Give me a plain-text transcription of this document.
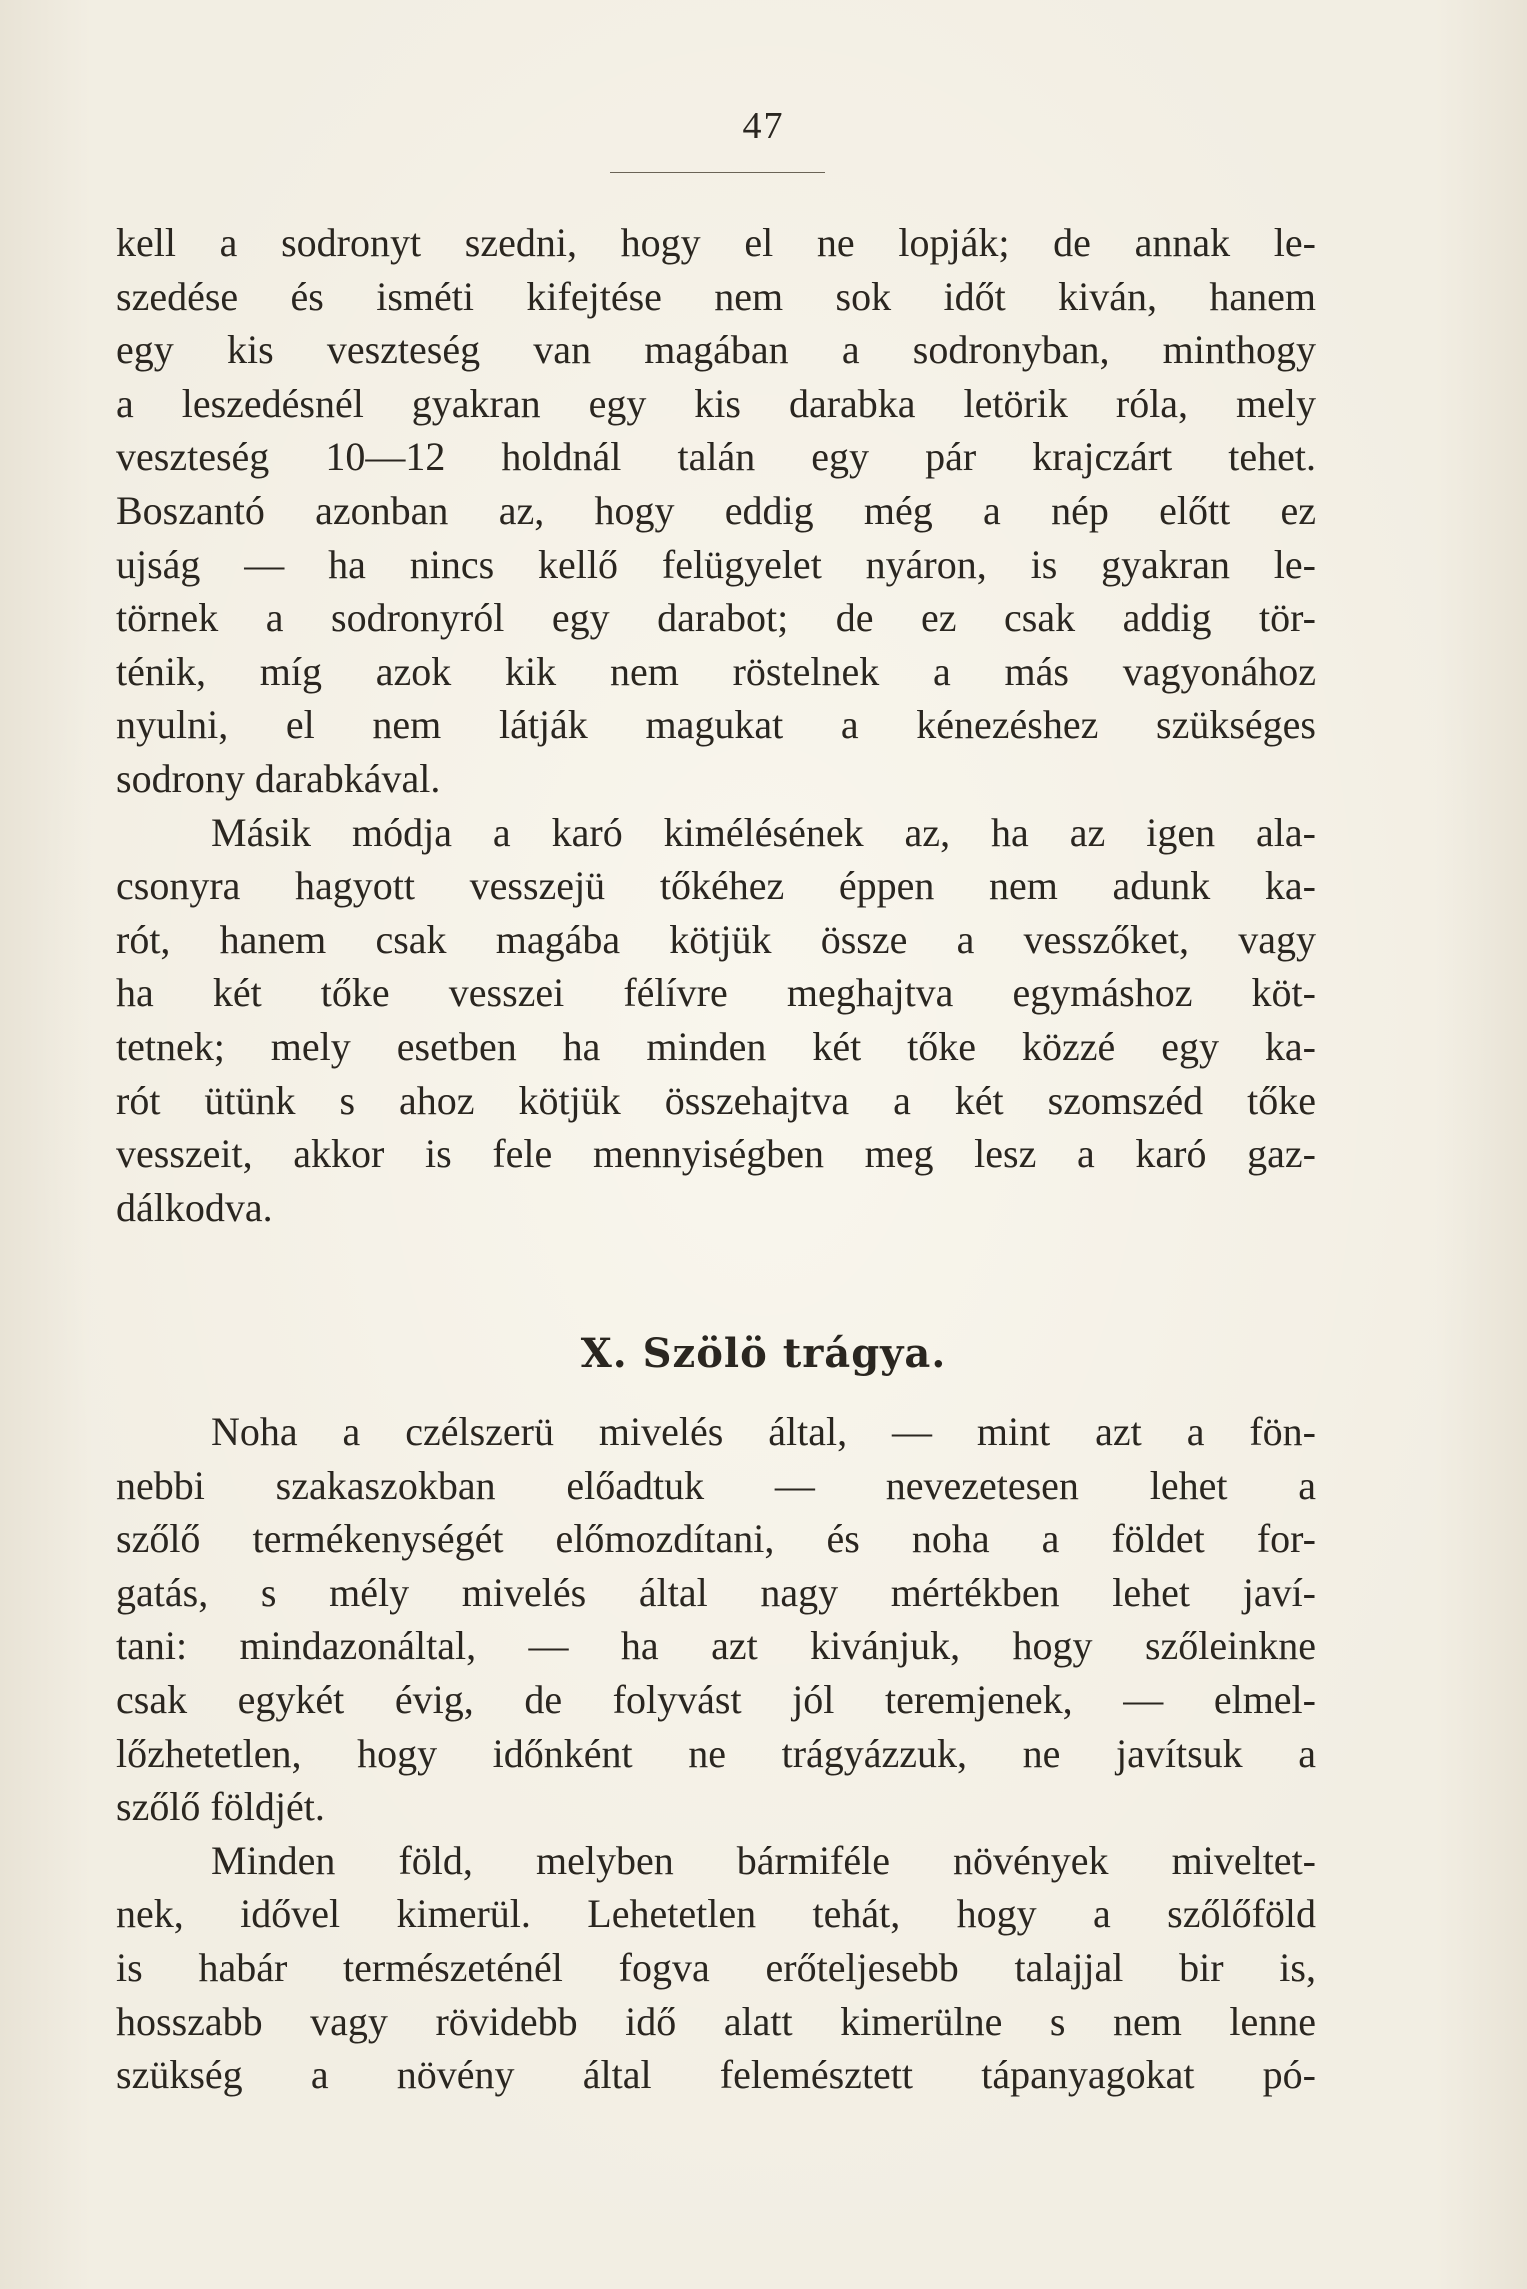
47
kell a sodronyt szedni, hogy el ne lopják; de annak le-
szedése és isméti kifejtése nem sok időt kiván, hanem
egy kis veszteség van magában a sodronyban, minthogy
a leszedésnél gyakran egy kis darabka letörik róla, mely
veszteség 10—12 holdnál talán egy pár krajczárt tehet.
Boszantó azonban az, hogy eddig még a nép előtt ez
ujság — ha nincs kellő felügyelet nyáron, is gyakran le-
törnek a sodronyról egy darabot; de ez csak addig tör-
ténik, míg azok kik nem röstelnek a más vagyonához
nyulni, el nem látják magukat a kénezéshez szükséges
sodrony darabkával.
Másik módja a karó kimélésének az, ha az igen ala-
csonyra hagyott vesszejü tőkéhez éppen nem adunk ka-
rót, hanem csak magába kötjük össze a vesszőket, vagy
ha két tőke vesszei félívre meghajtva egymáshoz köt-
tetnek; mely esetben ha minden két tőke közzé egy ka-
rót ütünk s ahoz kötjük összehajtva a két szomszéd tőke
vesszeit, akkor is fele mennyiségben meg lesz a karó gaz-
dálkodva.
X. Szölö trágya.
Noha a czélszerü mivelés által, — mint azt a fön-
nebbi szakaszokban előadtuk — nevezetesen lehet a
szőlő termékenységét előmozdítani, és noha a földet for-
gatás, s mély mivelés által nagy mértékben lehet javí-
tani: mindazonáltal, — ha azt kivánjuk, hogy szőleinkne
csak egykét évig, de folyvást jól teremjenek, — elmel-
lőzhetetlen, hogy időnként ne trágyázzuk, ne javítsuk a
szőlő földjét.
Minden föld, melyben bármiféle növények miveltet-
nek, idővel kimerül. Lehetetlen tehát, hogy a szőlőföld
is habár természeténél fogva erőteljesebb talajjal bir is,
hosszabb vagy rövidebb idő alatt kimerülne s nem lenne
szükség a növény által felemésztett tápanyagokat pó-
